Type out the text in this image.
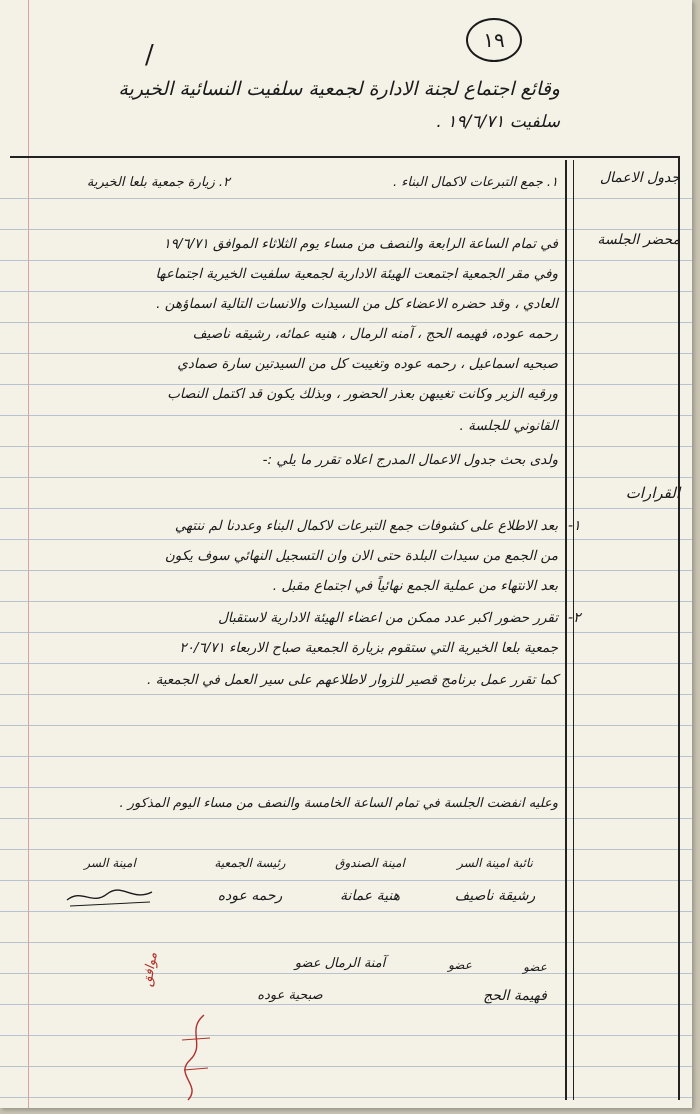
١٩
/
وقائع اجتماع لجنة الادارة لجمعية سلفيت النسائية الخيرية
سلفيت ١٩/٦/٧١ .
جدول الاعمال
محضر الجلسة
القرارات
١. جمع التبرعات لاكمال البناء .
٢. زيارة جمعية بلعا الخيرية
في تمام الساعة الرابعة والنصف من مساء يوم الثلاثاء الموافق ١٩/٦/٧١
وفي مقر الجمعية اجتمعت الهيئة الادارية لجمعية سلفيت الخيرية اجتماعها
العادي ، وقد حضره الاعضاء كل من السيدات والانسات التالية اسماؤهن .
رحمه عوده، فهيمه الحج ، آمنه الرمال ، هنيه عمائه، رشيقه ناصيف
صبحيه اسماعيل ، رحمه عوده وتغيبت كل من السيدتين سارة صمادي
ورقيه الزير وكانت تغيبهن بعذر الحضور ، وبذلك يكون قد اكتمل النصاب
القانوني للجلسة .
ولدى بحث جدول الاعمال المدرج اعلاه تقرر ما يلي :-
١-
بعد الاطلاع على كشوفات جمع التبرعات لاكمال البناء وعددنا لم ننتهي
من الجمع من سيدات البلدة حتى الان وان التسجيل النهائي سوف يكون
بعد الانتهاء من عملية الجمع نهائياً في اجتماع مقبل .
٢-
تقرر حضور اكبر عدد ممكن من اعضاء الهيئة الادارية لاستقبال
جمعية بلعا الخيرية التي ستقوم بزيارة الجمعية صباح الاربعاء ٢٠/٦/٧١
كما تقرر عمل برنامج قصير للزوار لاطلاعهم على سير العمل في الجمعية .
وعليه انفضت الجلسة في تمام الساعة الخامسة والنصف من مساء اليوم المذكور .
نائبة امينة السر
امينة الصندوق
رئيسة الجمعية
امينة السر
رشيقة ناصيف
هنية عمانة
رحمه عوده
عضو
عضو
آمنة الرمال عضو
فهيمة الحج
صبحية عوده
موافق
